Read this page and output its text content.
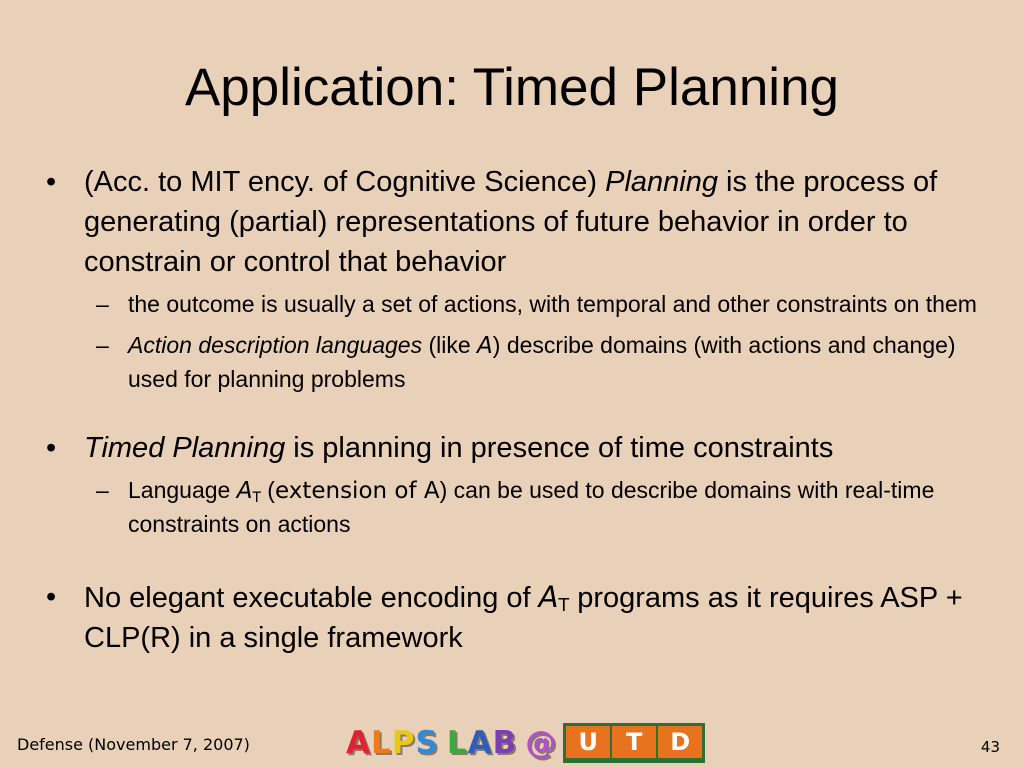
Application: Timed Planning
• (Acc. to MIT ency. of Cognitive Science) Planning is the process of generating (partial) representations of future behavior in order to constrain or control that behavior
– the outcome is usually a set of actions, with temporal and other constraints on them
– Action description languages (like A) describe domains (with actions and change) used for planning problems
• Timed Planning is planning in presence of time constraints
– Language $A_T$ (extension of A) can be used to describe domains with real-time constraints on actions
• No elegant executable encoding of $A_T$ programs as it requires ASP + CLP(R) in a single framework
Defense (November 7, 2007)	ALPS LAB @ U	T	D	43
